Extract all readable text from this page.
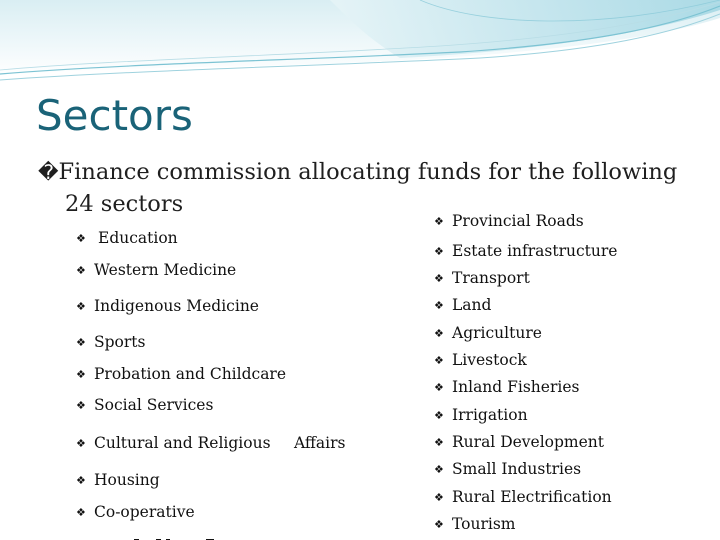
Sectors
�Finance commission allocating funds for the following
24 sectors
❖ Education
❖ Western Medicine
❖ Indigenous Medicine
❖ Sports
❖ Probation and Childcare
❖ Social Services
❖ Cultural and Religious Affairs
❖ Housing
❖ Co-operative
❖ Provincial Roads
❖ Estate infrastructure
❖ Transport
❖ Land
❖ Agriculture
❖ Livestock
❖ Inland Fisheries
❖ Irrigation
❖ Rural Development
❖ Small Industries
❖ Rural Electrification
❖ Tourism
